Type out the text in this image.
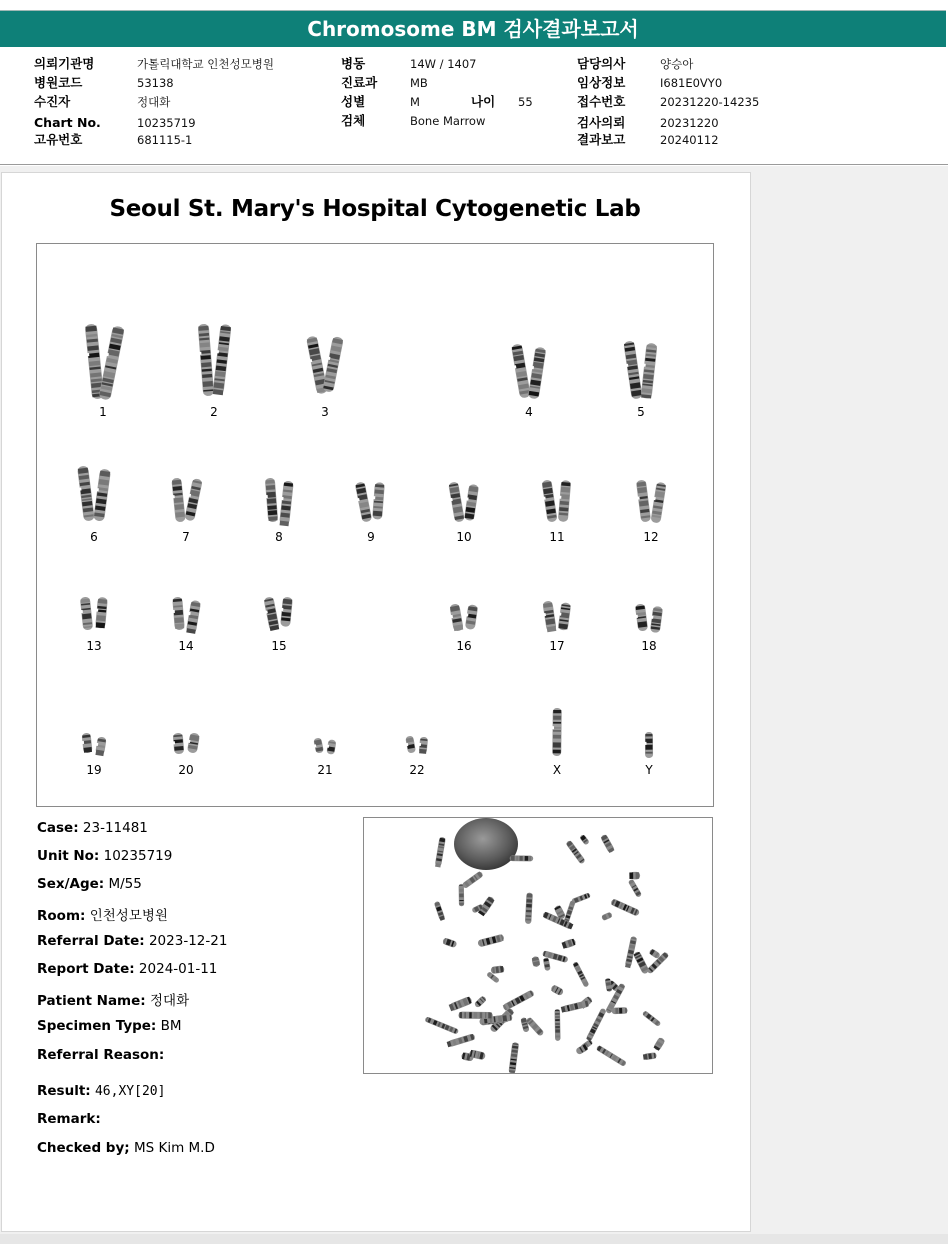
Chromosome BM 검사결과보고서
의뢰기관명	가톨릭대학교 인천성모병원
병원코드	53138
수진자	정대화
Chart No.	10235719
고유번호	681115-1
병동	14W / 1407
진료과	MB
성별	M	나이 55
검체	Bone Marrow
담당의사	양승아
임상정보	I681E0VY0
접수번호	20231220-14235
검사의뢰	20231220
결과보고	20240112
Seoul St. Mary's Hospital Cytogenetic Lab
1	2	3	4	5
6	7	8	9	10	11	12
13	14	15	16	17	18
19	20	21	22	X	Y
Case: 23-11481
Unit No: 10235719
Sex/Age: M/55
Room: 인천성모병원
Referral Date: 2023-12-21
Report Date: 2024-01-11
Patient Name: 정대화
Specimen Type: BM
Referral Reason:
Result: 46,XY[20]
Remark:
Checked by; MS Kim M.D
